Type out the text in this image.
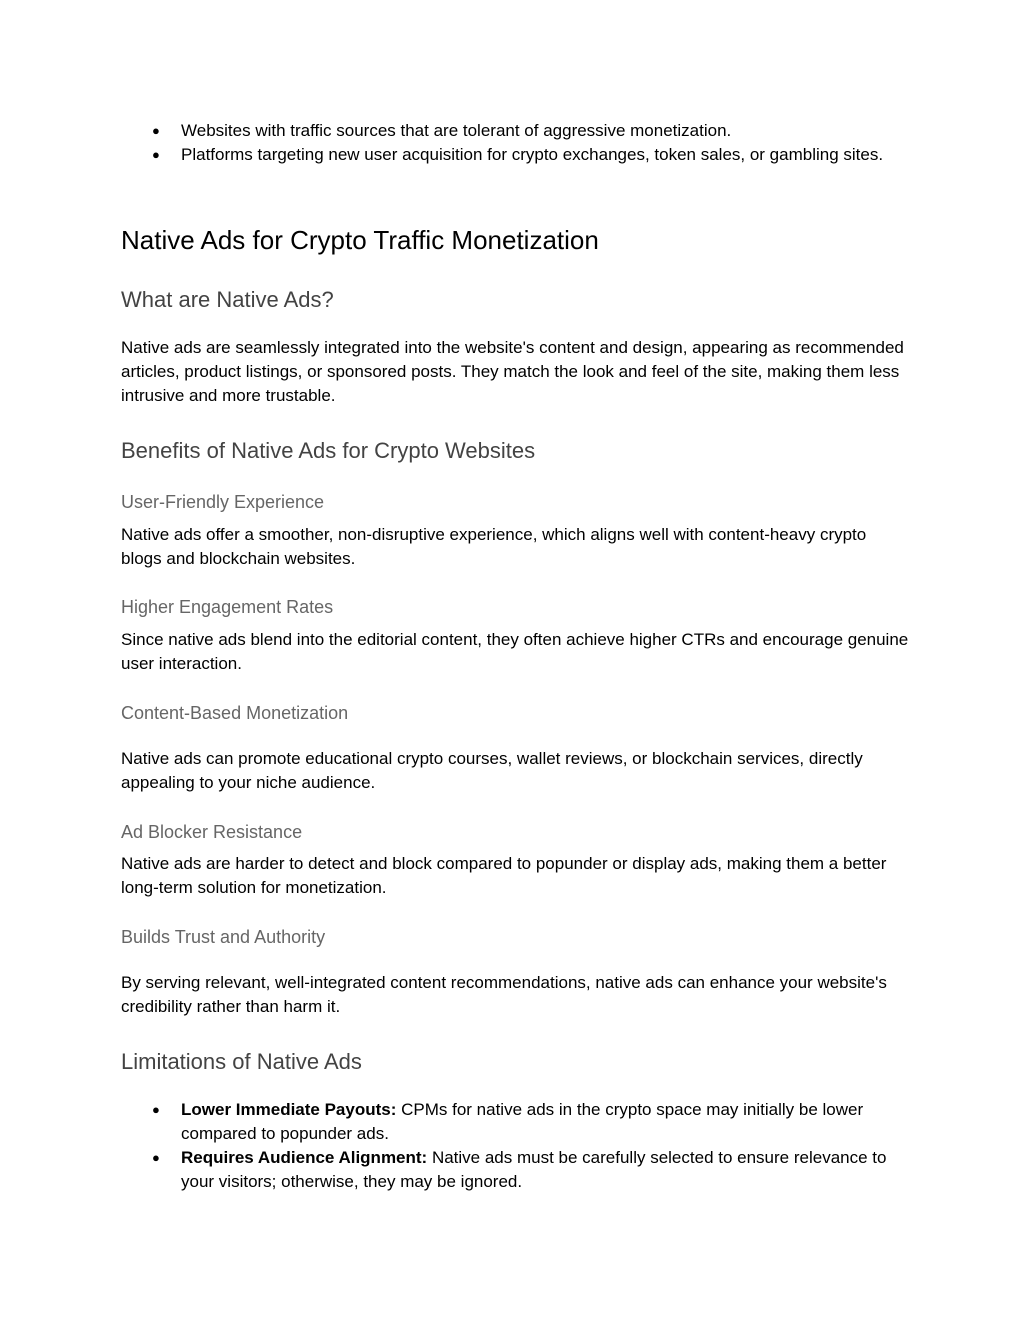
● Websites with traffic sources that are tolerant of aggressive monetization.
● Platforms targeting new user acquisition for crypto exchanges, token sales, or gambling sites.
Native Ads for Crypto Traffic Monetization
What are Native Ads?

Native ads are seamlessly integrated into the website's content and design, appearing as recommended articles, product listings, or sponsored posts. They match the look and feel of the site, making them less intrusive and more trustable.

Benefits of Native Ads for Crypto Websites
User-Friendly Experience

Native ads offer a smoother, non-disruptive experience, which aligns well with content-heavy crypto blogs and blockchain websites.

Higher Engagement Rates

Since native ads blend into the editorial content, they often achieve higher CTRs and encourage genuine user interaction.

Content-Based Monetization

Native ads can promote educational crypto courses, wallet reviews, or blockchain services, directly appealing to your niche audience.

Ad Blocker Resistance

Native ads are harder to detect and block compared to popunder or display ads, making them a better long-term solution for monetization.

Builds Trust and Authority

By serving relevant, well-integrated content recommendations, native ads can enhance your website's credibility rather than harm it.

Limitations of Native Ads
● Lower Immediate Payouts: CPMs for native ads in the crypto space may initially be lower compared to popunder ads.
● Requires Audience Alignment: Native ads must be carefully selected to ensure relevance to your visitors; otherwise, they may be ignored.
